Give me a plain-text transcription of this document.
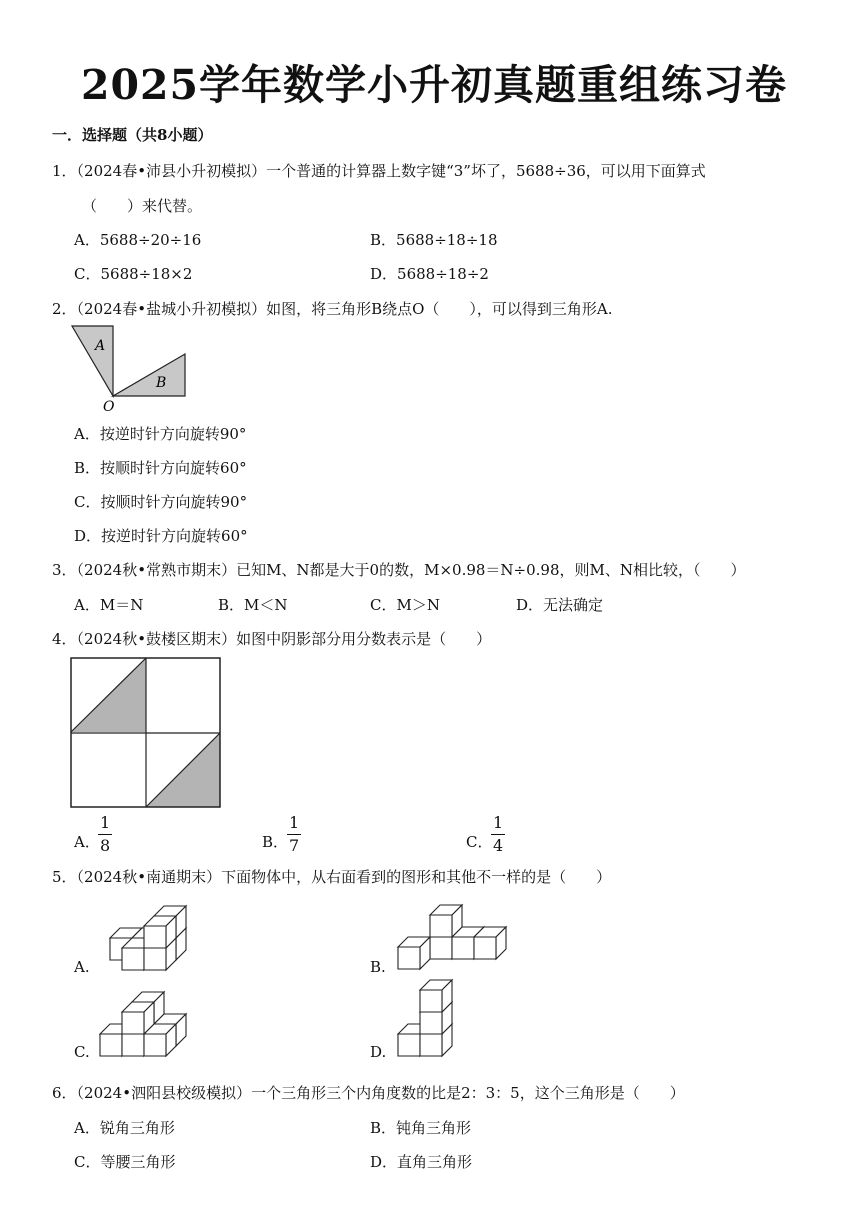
2025学年数学小升初真题重组练习卷
一．选择题（共8小题）
1．（2024春•沛县小升初模拟）一个普通的计算器上数字键“3”坏了，5688÷36，可以用下面算式
（　　）来代替。
A．5688÷20÷16	B．5688÷18÷18
C．5688÷18×2	D．5688÷18÷2
2．（2024春•盐城小升初模拟）如图，将三角形B绕点O（　　），可以得到三角形A.
A
B
O
A．按逆时针方向旋转90°
B．按顺时针方向旋转60°
C．按顺时针方向旋转90°
D．按逆时针方向旋转60°
3．（2024秋•常熟市期末）已知M、N都是大于0的数，M×0.98＝N÷0.98，则M、N相比较，（　　）
A．M＝N	B．M＜N	C．M＞N	D．无法确定
4．（2024秋•鼓楼区期末）如图中阴影部分用分数表示是（　　）
A．
1
8	B．
1
7	C．
1
4
5．（2024秋•南通期末）下面物体中，从右面看到的图形和其他不一样的是（　　）
A.	B.
C.	D.
6．（2024•泗阳县校级模拟）一个三角形三个内角度数的比是2：3：5，这个三角形是（　　）
A．锐角三角形	B．钝角三角形
C．等腰三角形	D．直角三角形
